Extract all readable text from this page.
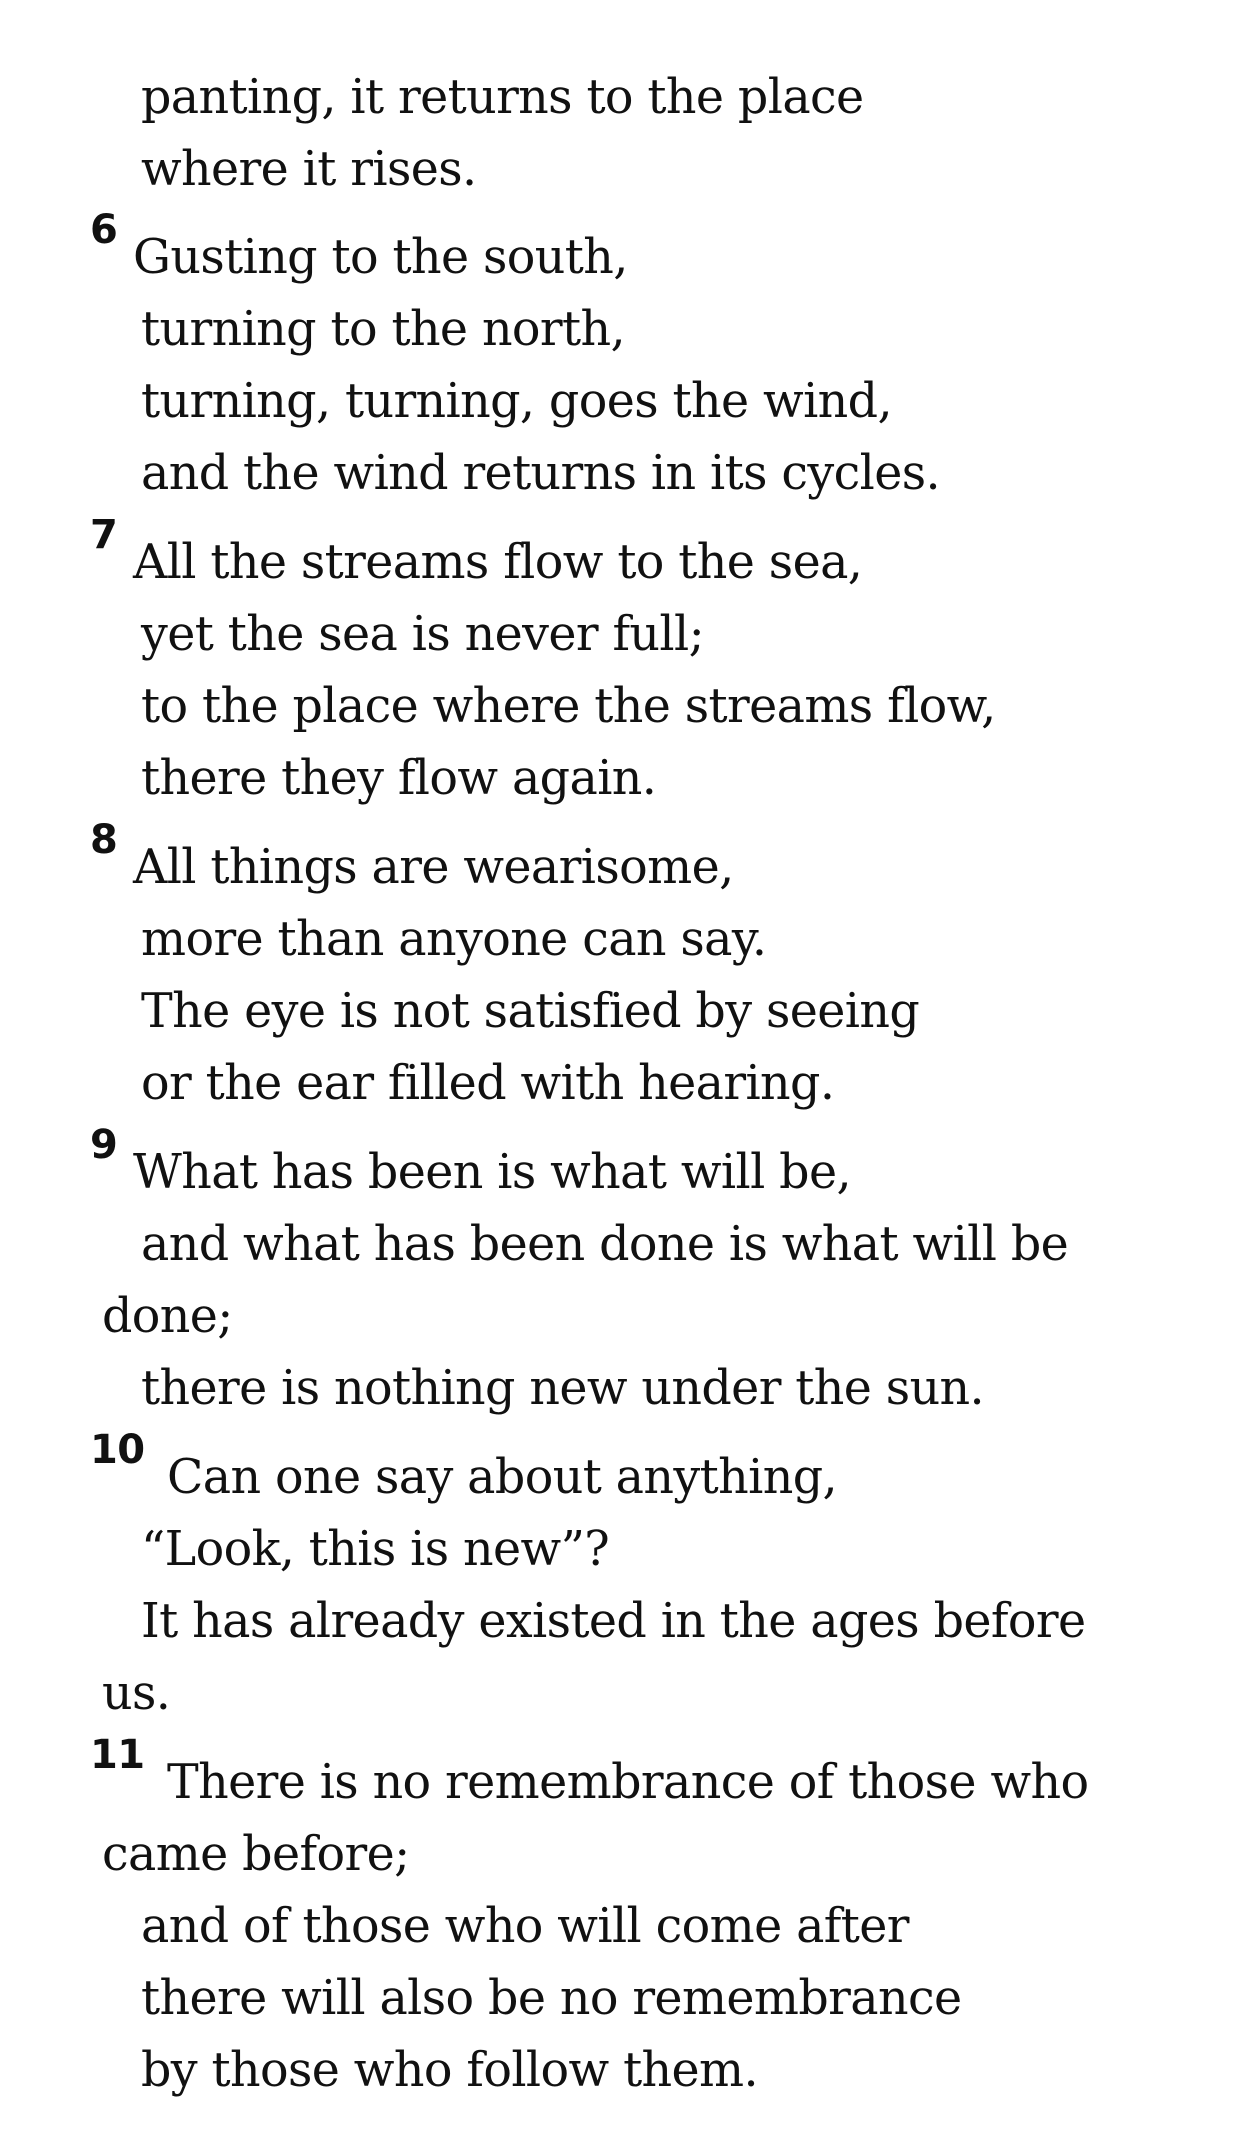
panting, it returns to the place
where it rises.
6 Gusting to the south,
turning to the north,
turning, turning, goes the wind,
and the wind returns in its cycles.
7 All the streams flow to the sea,
yet the sea is never full;
to the place where the streams flow,
there they flow again.
8 All things are wearisome,
more than anyone can say.
The eye is not satisfied by seeing
or the ear filled with hearing.
9 What has been is what will be,
and what has been done is what will be
done;
there is nothing new under the sun.
10 Can one say about anything,
“Look, this is new”?
It has already existed in the ages before
us.
11 There is no remembrance of those who
came before;
and of those who will come after
there will also be no remembrance
by those who follow them.
